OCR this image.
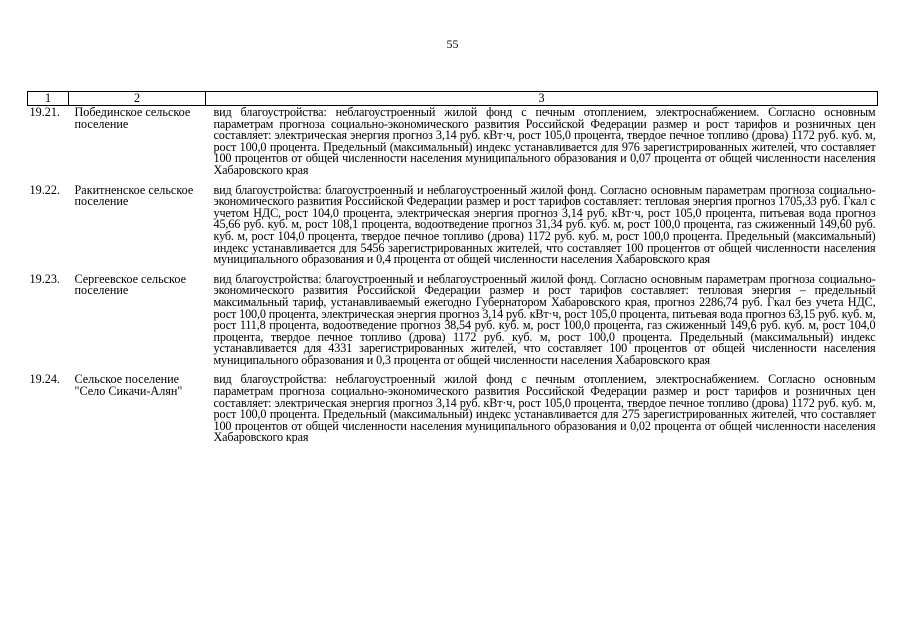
55
1	2	3
19.21.	Побединское сельское поселение	вид благоустройства: неблагоустроенный жилой фонд с печным отоплением, электроснабжением. Согласно основным параметрам прогноза социально-экономического развития Российской Федерации размер и рост тарифов и розничных цен составляет: электрическая энергия прогноз 3,14 руб. кВт·ч, рост 105,0 процента, твердое печное топливо (дрова) 1172 руб. куб. м, рост 100,0 процента. Предельный (максимальный) индекс устанавливается для 976 зарегистрированных жителей, что составляет 100 процентов от общей численности населения муниципального образования и 0,07 процента от общей численности населения Хабаровского края
19.22.	Ракитненское сельское поселение	вид благоустройства: благоустроенный и неблагоустроенный жилой фонд. Согласно основным параметрам прогноза социально-экономического развития Российской Федерации размер и рост тарифов составляет: тепловая энергия прогноз 1705,33 руб. Гкал с учетом НДС, рост 104,0 процента, электрическая энергия прогноз 3,14 руб. кВт·ч, рост 105,0 процента, питьевая вода прогноз 45,66 руб. куб. м, рост 108,1 процента, водоотведение прогноз 31,34 руб. куб. м, рост 100,0 процента, газ сжиженный 149,60 руб. куб. м, рост 104,0 процента, твердое печное топливо (дрова) 1172 руб. куб. м, рост 100,0 процента. Предельный (максимальный) индекс устанавливается для 5456 зарегистрированных жителей, что составляет 100 процентов от общей численности населения муниципального образования и 0,4 процента от общей численности населения Хабаровского края
19.23.	Сергеевское сельское поселение	вид благоустройства: благоустроенный и неблагоустроенный жилой фонд. Согласно основным параметрам прогноза социально-экономического развития Российской Федерации размер и рост тарифов составляет: тепловая энергия – предельный максимальный тариф, устанавливаемый ежегодно Губернатором Хабаровского края, прогноз 2286,74 руб. Гкал без учета НДС, рост 100,0 процента, электрическая энергия прогноз 3,14 руб. кВт·ч, рост 105,0 процента, питьевая вода прогноз 63,15 руб. куб. м, рост 111,8 процента, водоотведение прогноз 38,54 руб. куб. м, рост 100,0 процента, газ сжиженный 149,6 руб. куб. м, рост 104,0 процента, твердое печное топливо (дрова) 1172 руб. куб. м, рост 100,0 процента. Предельный (максимальный) индекс устанавливается для 4331 зарегистрированных жителей, что составляет 100 процентов от общей численности населения муниципального образования и 0,3 процента от общей численности населения Хабаровского края
19.24.	Сельское поселение "Село Сикачи-Алян"	вид благоустройства: неблагоустроенный жилой фонд с печным отоплением, электроснабжением. Согласно основным параметрам прогноза социально-экономического развития Российской Федерации размер и рост тарифов и розничных цен составляет: электрическая энергия прогноз 3,14 руб. кВт·ч, рост 105,0 процента, твердое печное топливо (дрова) 1172 руб. куб. м, рост 100,0 процента. Предельный (максимальный) индекс устанавливается для 275 зарегистрированных жителей, что составляет 100 процентов от общей численности населения муниципального образования и 0,02 процента от общей численности населения Хабаровского края
